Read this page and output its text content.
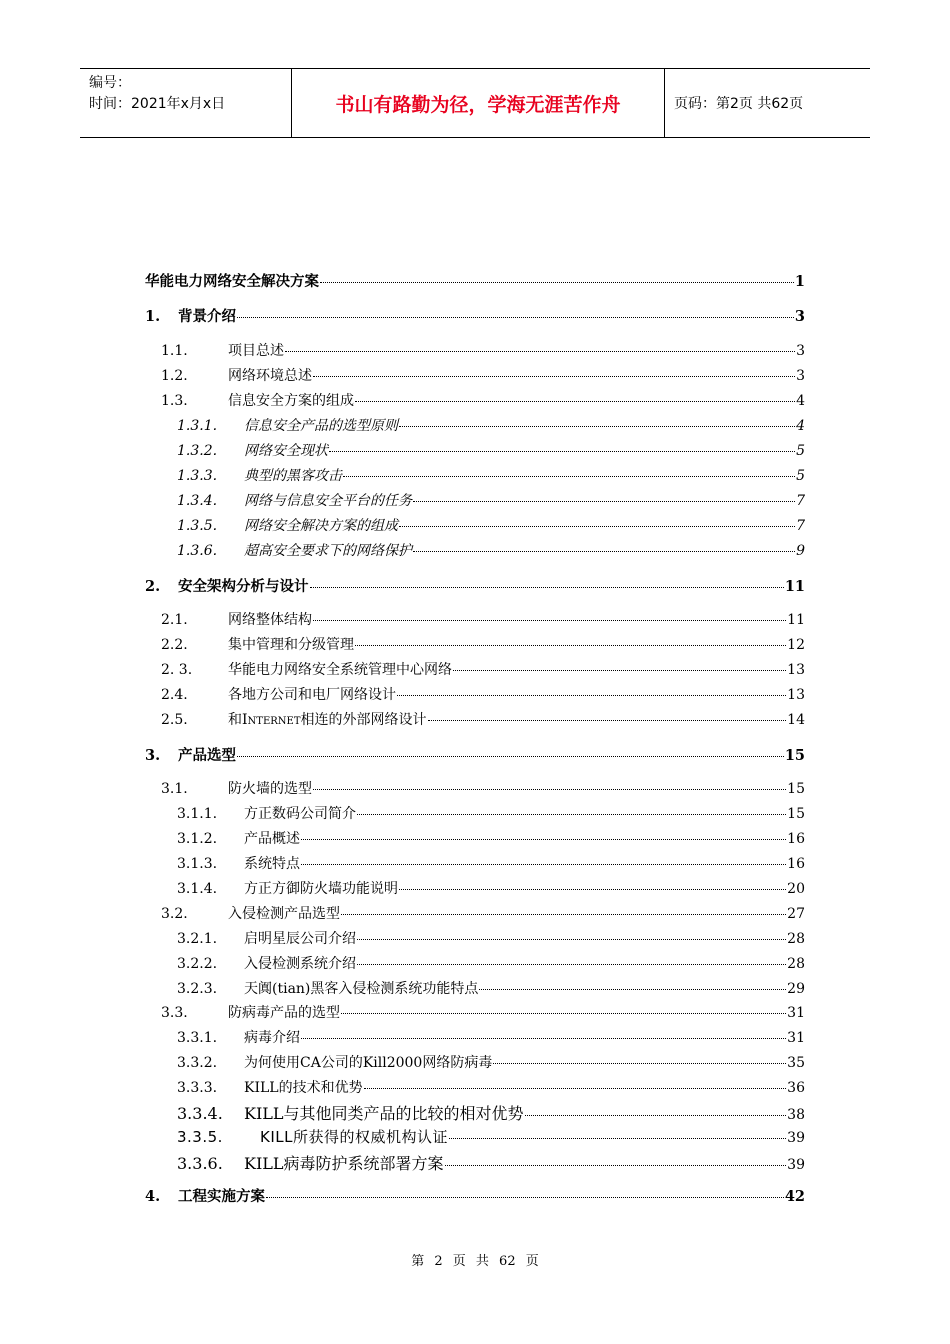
编号：
时间：2021年x月x日	书山有路勤为径，学海无涯苦作舟	页码：第2页 共62页
华能电力网络安全解决方案	1
1.	背景介绍	3
1.1.	项目总述	3
1.2.	网络环境总述	3
1.3.	信息安全方案的组成	4
1.3.1.	信息安全产品的选型原则	4
1.3.2.	网络安全现状	5
1.3.3.	典型的黑客攻击	5
1.3.4.	网络与信息安全平台的任务	7
1.3.5.	网络安全解决方案的组成	7
1.3.6.	超高安全要求下的网络保护	9
2.	安全架构分析与设计	11
2.1.	网络整体结构	11
2.2.	集中管理和分级管理	12
2. 3.	华能电力网络安全系统管理中心网络	13
2.4.	各地方公司和电厂网络设计	13
2.5.	和Internet相连的外部网络设计	14
3.	产品选型	15
3.1.	防火墙的选型	15
3.1.1.	方正数码公司简介	15
3.1.2.	产品概述	16
3.1.3.	系统特点	16
3.1.4.	方正方御防火墙功能说明	20
3.2.	入侵检测产品选型	27
3.2.1.	启明星辰公司介绍	28
3.2.2.	入侵检测系统介绍	28
3.2.3.	天阗(tian)黑客入侵检测系统功能特点	29
3.3.	防病毒产品的选型	31
3.3.1.	病毒介绍	31
3.3.2.	为何使用CA公司的Kill2000网络防病毒	35
3.3.3.	KILL的技术和优势	36
3.3.4.	KILL与其他同类产品的比较的相对优势	38
3.3.5.	KILL所获得的权威机构认证	39
3.3.6.	KILL病毒防护系统部署方案	39
4.	工程实施方案	42
第 2 页 共 62 页
